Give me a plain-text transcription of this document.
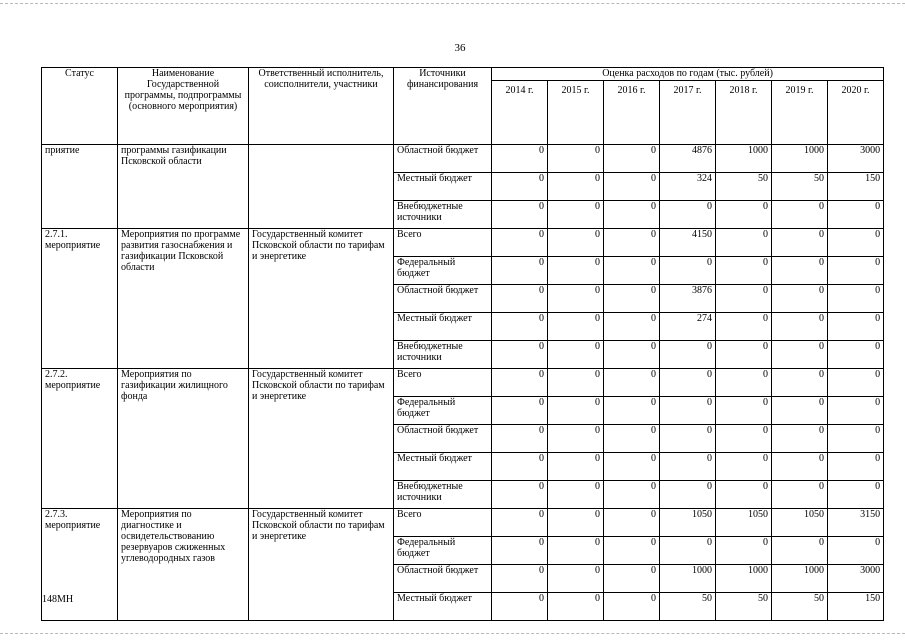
36
Статус	Наименование Государственной программы, подпрограммы (основного мероприятия)	Ответственный исполнитель, соисполнители, участники	Источники финансирования	Оценка расходов по годам (тыс. рублей)						
				2014 г.	2015 г.	2016 г.	2017 г.	2018 г.	2019 г.	2020 г.
приятие	программы газификации Псковской области		Областной бюджет	0	0	0	4876	1000	1000	3000
			Местный бюджет	0	0	0	324	50	50	150
			Внебюджетные источники	0	0	0	0	0	0	0
2.7.1. мероприятие	Мероприятия по программе развития газоснабжения и газификации Псковской области	Государственный комитет Псковской области по тарифам и энергетике	Всего	0	0	0	4150	0	0	0
			Федеральный бюджет	0	0	0	0	0	0	0
			Областной бюджет	0	0	0	3876	0	0	0
			Местный бюджет	0	0	0	274	0	0	0
			Внебюджетные источники	0	0	0	0	0	0	0
2.7.2. мероприятие	Мероприятия по газификации жилищного фонда	Государственный комитет Псковской области по тарифам и энергетике	Всего	0	0	0	0	0	0	0
			Федеральный бюджет	0	0	0	0	0	0	0
			Областной бюджет	0	0	0	0	0	0	0
			Местный бюджет	0	0	0	0	0	0	0
			Внебюджетные источники	0	0	0	0	0	0	0
2.7.3. мероприятие	Мероприятия по диагностике и освидетельствованию резервуаров сжиженных углеводородных газов	Государственный комитет Псковской области по тарифам и энергетике	Всего	0	0	0	1050	1050	1050	3150
			Федеральный бюджет	0	0	0	0	0	0	0
			Областной бюджет	0	0	0	1000	1000	1000	3000
			Местный бюджет	0	0	0	50	50	50	150
148МН
